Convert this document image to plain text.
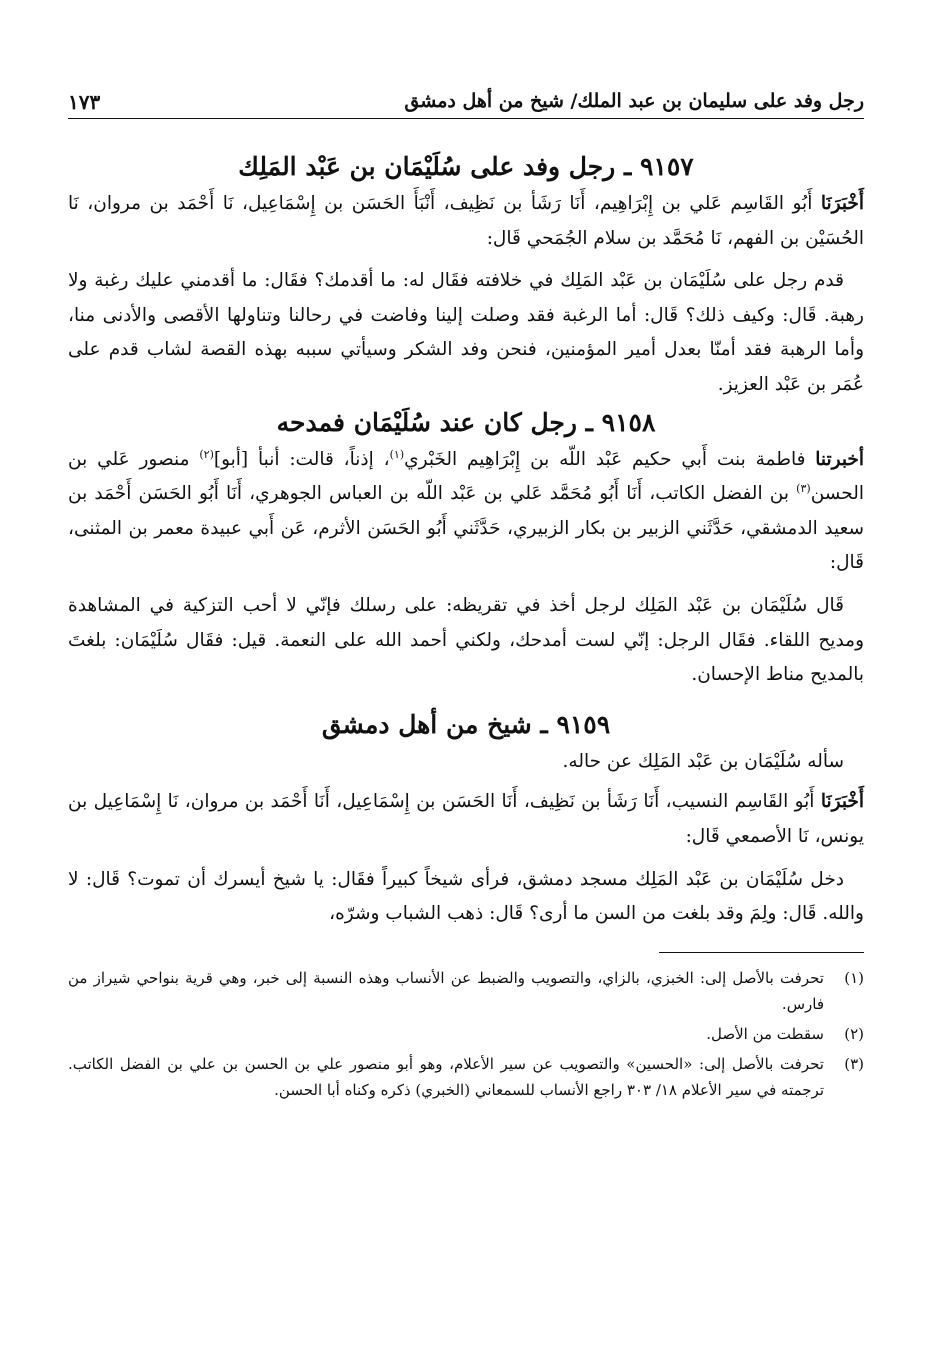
رجل وفد على سليمان بن عبد الملك/ شيخ من أهل دمشق
١٧٣
٩١٥٧ ـ رجل وفد على سُلَيْمَان بن عَبْد المَلِك

أَخْبَرَنَا أَبُو القَاسِم عَلي بن إِبْرَاهِيم، أَنَا رَشَأ بن نَظِيف، أَنْبَأَ الحَسَن بن إِسْمَاعِيل، نَا أَحْمَد بن مروان، نَا الحُسَيْن بن الفهم، نَا مُحَمَّد بن سلام الجُمَحي قَال:

قدم رجل على سُلَيْمَان بن عَبْد المَلِك في خلافته فقَال له: ما أقدمك؟ فقَال: ما أقدمني عليك رغبة ولا رهبة. قَال: وكيف ذلك؟ قَال: أما الرغبة فقد وصلت إلينا وفاضت في رحالنا وتناولها الأقصى والأدنى منا، وأما الرهبة فقد أمنّا بعدل أمير المؤمنين، فنحن وفد الشكر وسيأتي سببه بهذه القصة لشاب قدم على عُمَر بن عَبْد العزيز.

٩١٥٨ ـ رجل كان عند سُلَيْمَان فمدحه

أخبرتنا فاطمة بنت أَبي حكيم عَبْد اللّه بن إِبْرَاهِيم الخَبْري$^{(١)}$، إذناً، قالت: أنبأ [أبو]$^{(٢)}$ منصور عَلي بن الحسن$^{(٣)}$ بن الفضل الكاتب، أَنَا أَبُو مُحَمَّد عَلي بن عَبْد اللّه بن العباس الجوهري، أَنَا أَبُو الحَسَن أَحْمَد بن سعيد الدمشقي، حَدَّثَني الزبير بن بكار الزبيري، حَدَّثَني أَبُو الحَسَن الأثرم، عَن أَبي عبيدة معمر بن المثنى، قَال:

قَال سُلَيْمَان بن عَبْد المَلِك لرجل أخذ في تقريظه: على رسلك فإنّي لا أحب التزكية في المشاهدة ومديح اللقاء. فقَال الرجل: إنّي لست أمدحك، ولكني أحمد الله على النعمة. قيل: فقَال سُلَيْمَان: بلغتَ بالمديح مناط الإحسان.

٩١٥٩ ـ شيخ من أهل دمشق

سأله سُلَيْمَان بن عَبْد المَلِك عن حاله.

أَخْبَرَنَا أَبُو القَاسِم النسيب، أَنَا رَشَأ بن نَظِيف، أَنَا الحَسَن بن إِسْمَاعِيل، أَنَا أَحْمَد بن مروان، نَا إِسْمَاعِيل بن يونس، نَا الأصمعي قَال:

دخل سُلَيْمَان بن عَبْد المَلِك مسجد دمشق، فرأى شيخاً كبيراً فقَال: يا شيخ أيسرك أن تموت؟ قَال: لا والله. قَال: ولِمَ وقد بلغت من السن ما أرى؟ قَال: ذهب الشباب وشرّه،

(١)
تحرفت بالأصل إلى: الخبزي، بالزاي، والتصويب والضبط عن الأنساب وهذه النسبة إلى خبر، وهي قرية بنواحي شيراز من فارس.
(٢)
سقطت من الأصل.
(٣)
تحرفت بالأصل إلى: «الحسين» والتصويب عن سير الأعلام، وهو أبو منصور علي بن الحسن بن علي بن الفضل الكاتب. ترجمته في سير الأعلام ١٨/ ٣٠٣ راجع الأنساب للسمعاني (الخبري) ذكره وكناه أبا الحسن.
